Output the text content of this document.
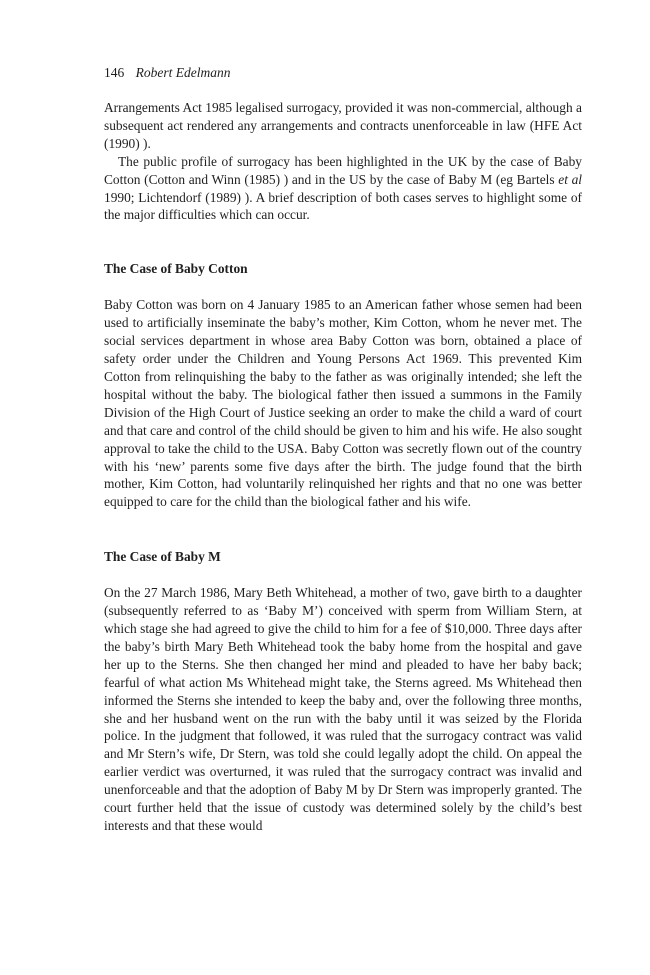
146 Robert Edelmann

Arrangements Act 1985 legalised surrogacy, provided it was non-commercial, although a subsequent act rendered any arrangements and contracts unenforceable in law (HFE Act (1990) ).

The public profile of surrogacy has been highlighted in the UK by the case of Baby Cotton (Cotton and Winn (1985) ) and in the US by the case of Baby M (eg Bartels et al 1990; Lichtendorf (1989) ). A brief description of both cases serves to highlight some of the major difficulties which can occur.

The Case of Baby Cotton

Baby Cotton was born on 4 January 1985 to an American father whose semen had been used to artificially inseminate the baby’s mother, Kim Cotton, whom he never met. The social services department in whose area Baby Cotton was born, obtained a place of safety order under the Children and Young Persons Act 1969. This prevented Kim Cotton from relinquishing the baby to the father as was originally intended; she left the hospital without the baby. The biological father then issued a summons in the Family Division of the High Court of Justice seeking an order to make the child a ward of court and that care and control of the child should be given to him and his wife. He also sought approval to take the child to the USA. Baby Cotton was secretly flown out of the country with his ‘new’ parents some five days after the birth. The judge found that the birth mother, Kim Cotton, had voluntarily relinquished her rights and that no one was better equipped to care for the child than the biological father and his wife.

The Case of Baby M

On the 27 March 1986, Mary Beth Whitehead, a mother of two, gave birth to a daughter (subsequently referred to as ‘Baby M’) conceived with sperm from William Stern, at which stage she had agreed to give the child to him for a fee of $10,000. Three days after the baby’s birth Mary Beth Whitehead took the baby home from the hospital and gave her up to the Sterns. She then changed her mind and pleaded to have her baby back; fearful of what action Ms Whitehead might take, the Sterns agreed. Ms Whitehead then informed the Sterns she intended to keep the baby and, over the following three months, she and her husband went on the run with the baby until it was seized by the Florida police. In the judgment that followed, it was ruled that the surrogacy contract was valid and Mr Stern’s wife, Dr Stern, was told she could legally adopt the child. On appeal the earlier verdict was overturned, it was ruled that the surrogacy contract was invalid and unenforceable and that the adoption of Baby M by Dr Stern was improperly granted. The court further held that the issue of custody was determined solely by the child’s best interests and that these would
